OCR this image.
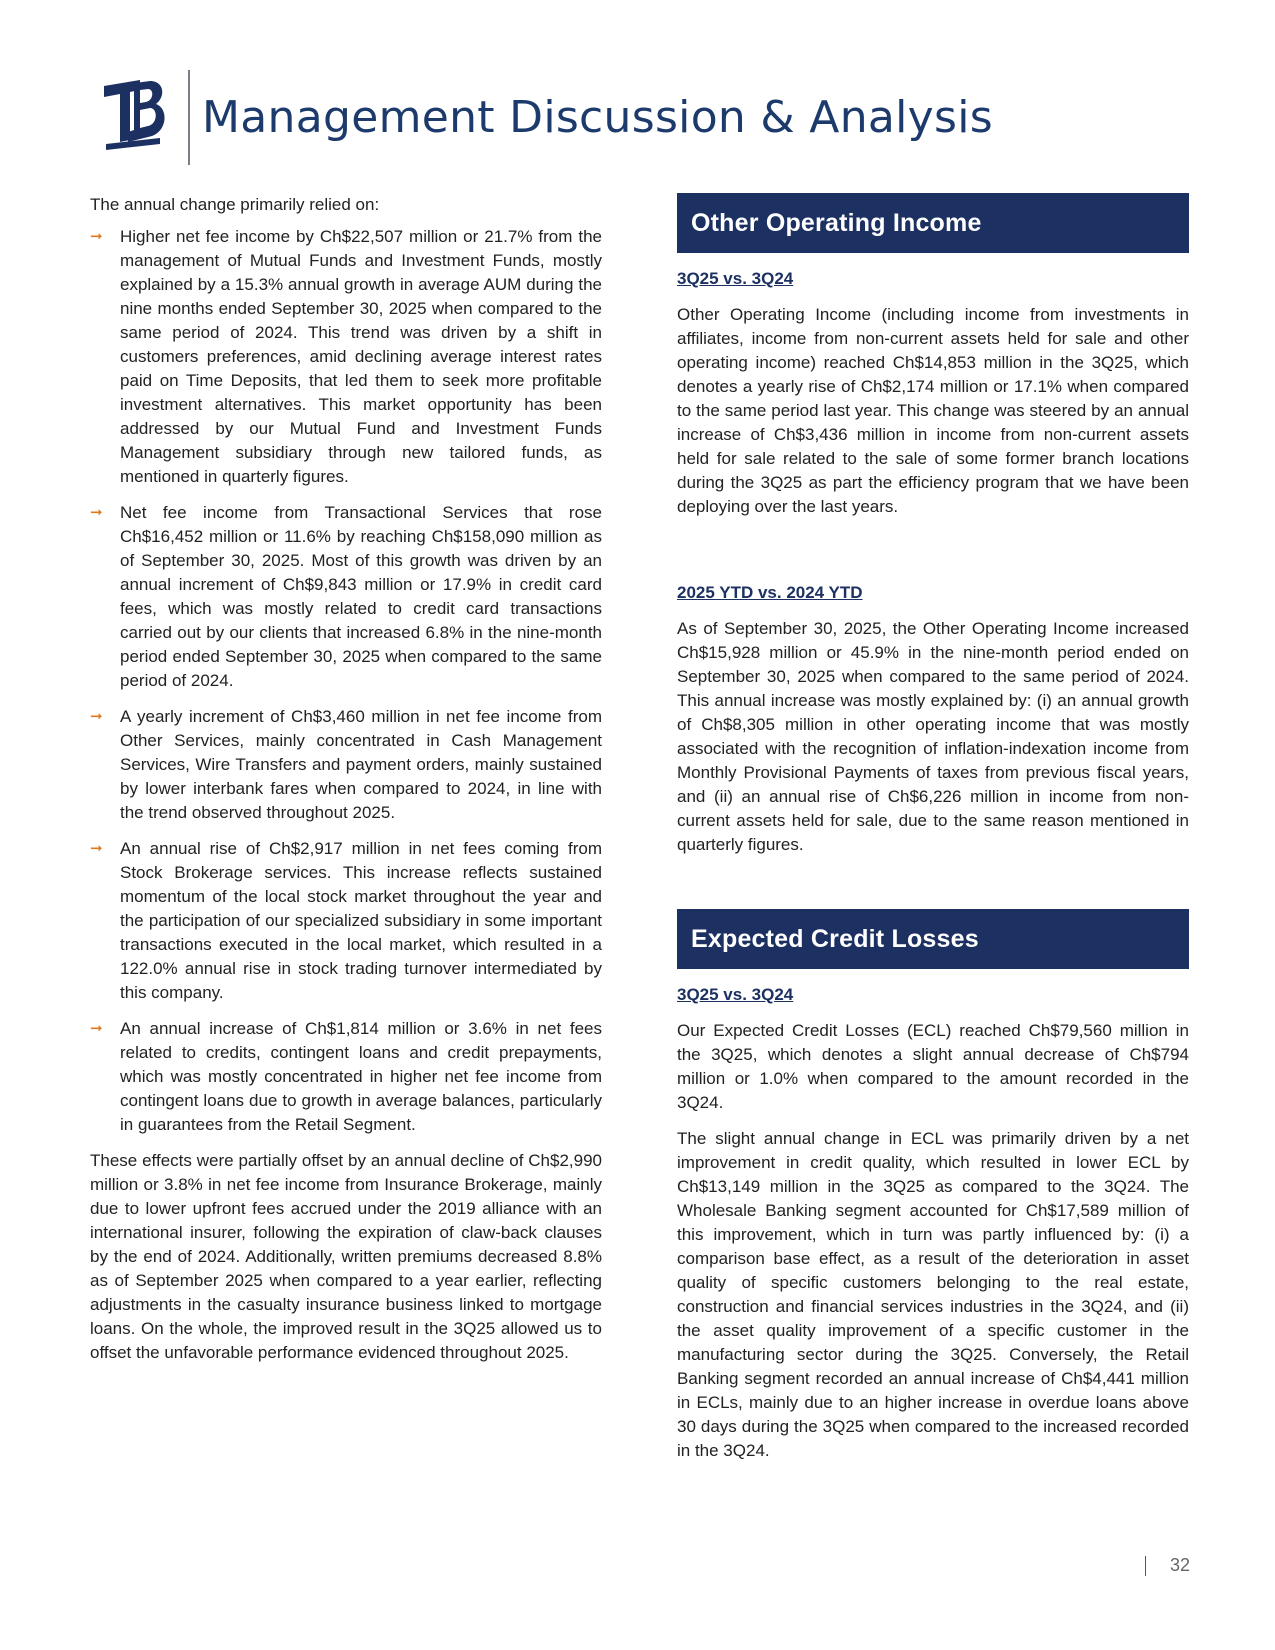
Management Discussion & Analysis

The annual change primarily relied on:

➞ Higher net fee income by Ch$22,507 million or 21.7% from the management of Mutual Funds and Investment Funds, mostly explained by a 15.3% annual growth in average AUM during the nine months ended September 30, 2025 when compared to the same period of 2024. This trend was driven by a shift in customers preferences, amid declining average interest rates paid on Time Deposits, that led them to seek more profitable investment alternatives. This market opportunity has been addressed by our Mutual Fund and Investment Funds Management subsidiary through new tailored funds, as mentioned in quarterly figures.
➞ Net fee income from Transactional Services that rose Ch$16,452 million or 11.6% by reaching Ch$158,090 million as of September 30, 2025. Most of this growth was driven by an annual increment of Ch$9,843 million or 17.9% in credit card fees, which was mostly related to credit card transactions carried out by our clients that increased 6.8% in the nine-month period ended September 30, 2025 when compared to the same period of 2024.
➞ A yearly increment of Ch$3,460 million in net fee income from Other Services, mainly concentrated in Cash Management Services, Wire Transfers and payment orders, mainly sustained by lower interbank fares when compared to 2024, in line with the trend observed throughout 2025.
➞ An annual rise of Ch$2,917 million in net fees coming from Stock Brokerage services. This increase reflects sustained momentum of the local stock market throughout the year and the participation of our specialized subsidiary in some important transactions executed in the local market, which resulted in a 122.0% annual rise in stock trading turnover intermediated by this company.
➞ An annual increase of Ch$1,814 million or 3.6% in net fees related to credits, contingent loans and credit prepayments, which was mostly concentrated in higher net fee income from contingent loans due to growth in average balances, particularly in guarantees from the Retail Segment.

These effects were partially offset by an annual decline of Ch$2,990 million or 3.8% in net fee income from Insurance Brokerage, mainly due to lower upfront fees accrued under the 2019 alliance with an international insurer, following the expiration of claw-back clauses by the end of 2024. Additionally, written premiums decreased 8.8% as of September 2025 when compared to a year earlier, reflecting adjustments in the casualty insurance business linked to mortgage loans. On the whole, the improved result in the 3Q25 allowed us to offset the unfavorable performance evidenced throughout 2025.

Other Operating Income
3Q25 vs. 3Q24

Other Operating Income (including income from investments in affiliates, income from non-current assets held for sale and other operating income) reached Ch$14,853 million in the 3Q25, which denotes a yearly rise of Ch$2,174 million or 17.1% when compared to the same period last year. This change was steered by an annual increase of Ch$3,436 million in income from non-current assets held for sale related to the sale of some former branch locations during the 3Q25 as part the efficiency program that we have been deploying over the last years.

2025 YTD vs. 2024 YTD

As of September 30, 2025, the Other Operating Income increased Ch$15,928 million or 45.9% in the nine-month period ended on September 30, 2025 when compared to the same period of 2024. This annual increase was mostly explained by: (i) an annual growth of Ch$8,305 million in other operating income that was mostly associated with the recognition of inflation-indexation income from Monthly Provisional Payments of taxes from previous fiscal years, and (ii) an annual rise of Ch$6,226 million in income from non-current assets held for sale, due to the same reason mentioned in quarterly figures.

Expected Credit Losses
3Q25 vs. 3Q24

Our Expected Credit Losses (ECL) reached Ch$79,560 million in the 3Q25, which denotes a slight annual decrease of Ch$794 million or 1.0% when compared to the amount recorded in the 3Q24.

The slight annual change in ECL was primarily driven by a net improvement in credit quality, which resulted in lower ECL by Ch$13,149 million in the 3Q25 as compared to the 3Q24. The Wholesale Banking segment accounted for Ch$17,589 million of this improvement, which in turn was partly influenced by: (i) a comparison base effect, as a result of the deterioration in asset quality of specific customers belonging to the real estate, construction and financial services industries in the 3Q24, and (ii) the asset quality improvement of a specific customer in the manufacturing sector during the 3Q25. Conversely, the Retail Banking segment recorded an annual increase of Ch$4,441 million in ECLs, mainly due to an higher increase in overdue loans above 30 days during the 3Q25 when compared to the increased recorded in the 3Q24.

32
